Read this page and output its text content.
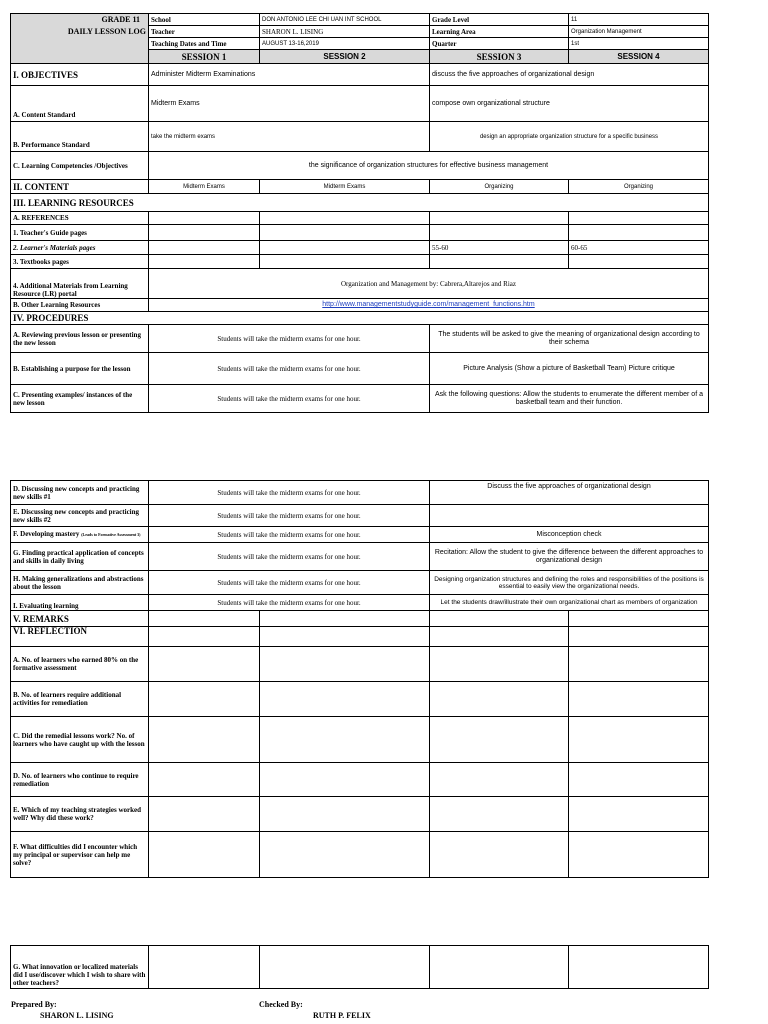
GRADE 11	School	DON ANTONIO LEE CHI UAN INT SCHOOL	Grade Level	11
DAILY LESSON LOG	Teacher	SHARON L. LISING	Learning Area	Organization Management
	Teaching Dates and Time	AUGUST 13-16,2019	Quarter	1st
	SESSION 1	SESSION 2	SESSION 3	SESSION 4
I. OBJECTIVES	Administer Midterm Examinations		discuss the five approaches of organizational design	
A. Content Standard	Midterm Exams		compose own organizational structure	
B. Performance Standard	take the midterm exams		design an appropriate organization structure for a specific business	
C. Learning Competencies /Objectives	the significance of organization structures for effective business management			
II. CONTENT	Midterm Exams	Midterm Exams	Organizing	Organizing
III. LEARNING RESOURCES				
A. REFERENCES				
1. Teacher's Guide pages				
2. Learner's Materials pages			55-60	60-65
3. Textbooks pages				
4. Additional Materials from Learning Resource (LR) portal	Organization and Management by: Cabrera,Altarejos and Riaz			
B. Other Learning Resources	http://www.managementstudyguide.com/management_functions.htm			
IV. PROCEDURES				
A. Reviewing previous lesson or presenting the new lesson	Students will take the midterm exams for one hour.		The students will be asked to give the meaning of organizational design according to their schema	
B. Establishing a purpose for the lesson	Students will take the midterm exams for one hour.		Picture Analysis (Show a picture of Basketball Team) Picture critique	
C. Presenting examples/ instances of the new lesson	Students will take the midterm exams for one hour.		Ask the following questions: Allow the students to enumerate the different member of a basketball team and their function.	
D. Discussing new concepts and practicing new skills #1	Students will take the midterm exams for one hour.		Discuss the five approaches of organizational design	
E. Discussing new concepts and practicing new skills #2	Students will take the midterm exams for one hour.			
F. Developing mastery (Leads to Formative Assessment 3)	Students will take the midterm exams for one hour.		Misconception check	
G. Finding practical application of concepts and skills in daily living	Students will take the midterm exams for one hour.		Recitation: Allow the student to give the difference between the different approaches to organizational design	
H. Making generalizations and abstractions about the lesson	Students will take the midterm exams for one hour.		Designing organization structures and defining the roles and responsibilities of the positions is essential to easily view the organizational needs.	
I. Evaluating learning	Students will take the midterm exams for one hour.		Let the students draw/illustrate their own organizational chart as members of organization	
V. REMARKS				
VI. REFLECTION				
A. No. of learners who earned 80% on the formative assessment				
B. No. of learners require additional activities for remediation				
C. Did the remedial lessons work? No. of learners who have caught up with the lesson				
D. No. of learners who continue to require remediation				
E. Which of my teaching strategies worked well? Why did these work?				
F. What difficulties did I encounter which my principal or supervisor can help me solve?				
G. What innovation or localized materials did I use/discover which I wish to share with other teachers?				
Prepared By:
SHARON L. LISING
Checked By:
RUTH P. FELIX
